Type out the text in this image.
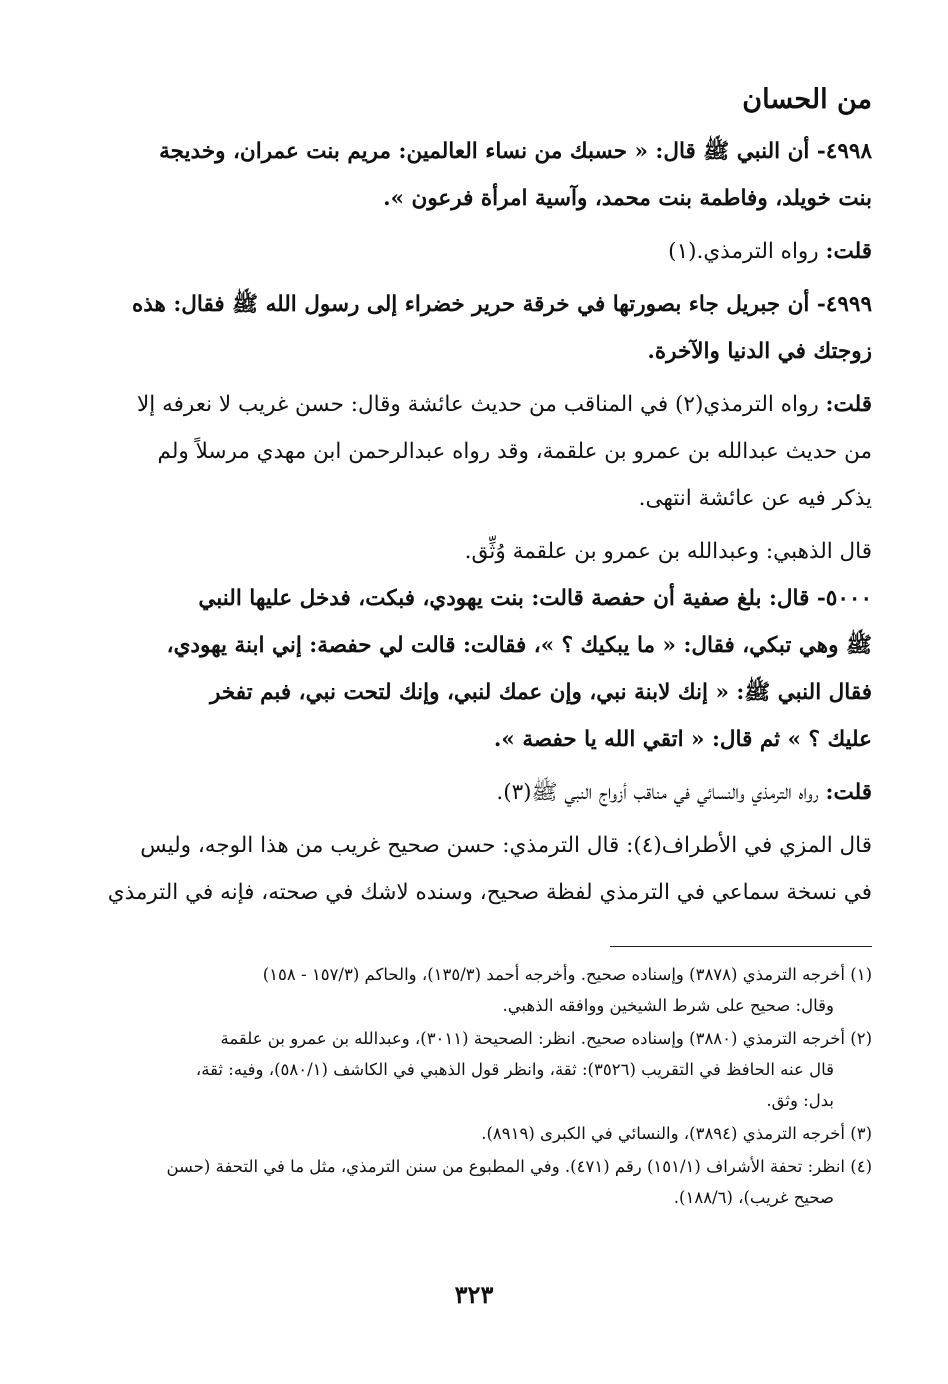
من الحسان

٤٩٩٨- أن النبي ﷺ قال: « حسبك من نساء العالمين: مريم بنت عمران، وخديجة

بنت خويلد، وفاطمة بنت محمد، وآسية امرأة فرعون ».

قلت: رواه الترمذي.(١)

٤٩٩٩- أن جبريل جاء بصورتها في خرقة حرير خضراء إلى رسول الله ﷺ فقال: هذه

زوجتك في الدنيا والآخرة.

قلت: رواه الترمذي(٢) في المناقب من حديث عائشة وقال: حسن غريب لا نعرفه إلا

من حديث عبدالله بن عمرو بن علقمة، وقد رواه عبدالرحمن ابن مهدي مرسلاً ولم

يذكر فيه عن عائشة انتهى.

قال الذهبي: وعبدالله بن عمرو بن علقمة وُثِّق.

٥٠٠٠- قال: بلغ صفية أن حفصة قالت: بنت يهودي، فبكت، فدخل عليها النبي

ﷺ وهي تبكي، فقال: « ما يبكيك ؟ »، فقالت: قالت لي حفصة: إني ابنة يهودي،

فقال النبي ﷺ: « إنك لابنة نبي، وإن عمك لنبي، وإنك لتحت نبي، فبم تفخر

عليك ؟ » ثم قال: « اتقي الله يا حفصة ».

قلت: رواه الترمذي والنسائي في مناقب أزواج النبي ﷺ(٣).

قال المزي في الأطراف(٤): قال الترمذي: حسن صحيح غريب من هذا الوجه، وليس

في نسخة سماعي في الترمذي لفظة صحيح، وسنده لاشك في صحته، فإنه في الترمذي

(١) أخرجه الترمذي (٣٨٧٨) وإسناده صحيح. وأخرجه أحمد (١٣٥/٣)، والحاكم (١٥٧/٣ - ١٥٨)
وقال: صحيح على شرط الشيخين ووافقه الذهبي.

(٢) أخرجه الترمذي (٣٨٨٠) وإسناده صحيح. انظر: الصحيحة (٣٠١١)، وعبدالله بن عمرو بن علقمة
قال عنه الحافظ في التقريب (٣٥٢٦): ثقة، وانظر قول الذهبي في الكاشف (٥٨٠/١)، وفيه: ثقة،
بدل: وثق.

(٣) أخرجه الترمذي (٣٨٩٤)، والنسائي في الكبرى (٨٩١٩).

(٤) انظر: تحفة الأشراف (١٥١/١) رقم (٤٧١). وفي المطبوع من سنن الترمذي، مثل ما في التحفة (حسن
صحيح غريب)، (١٨٨/٦).

٣٢٣
